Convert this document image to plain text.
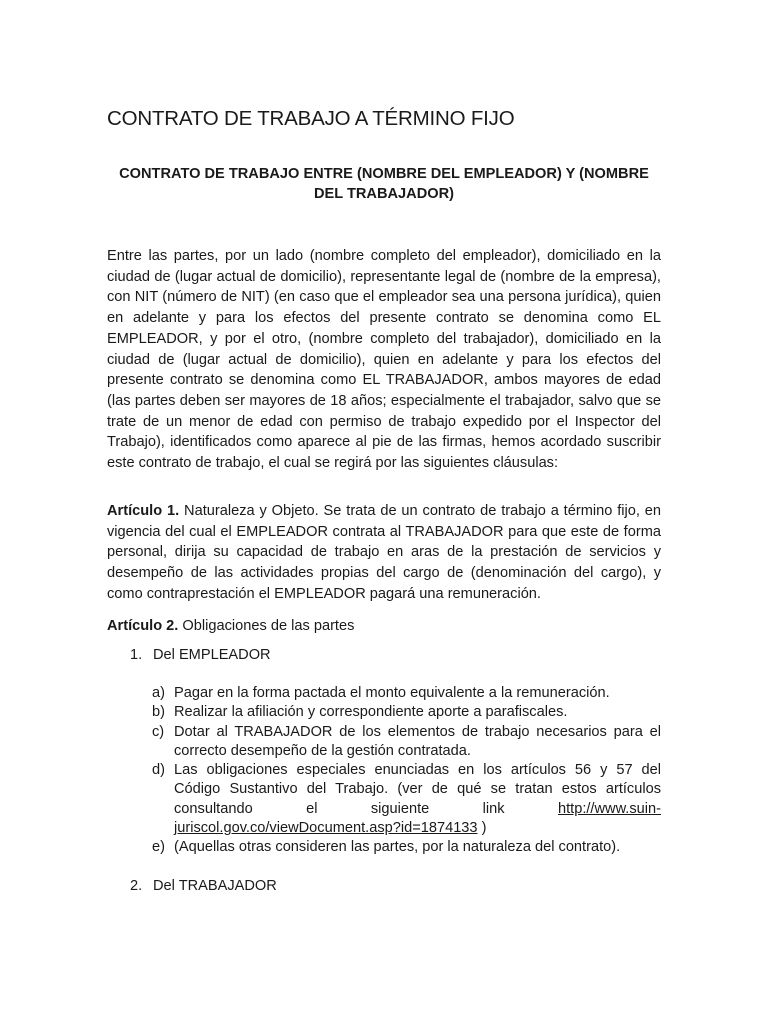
CONTRATO DE TRABAJO A TÉRMINO FIJO
CONTRATO DE TRABAJO ENTRE (NOMBRE DEL EMPLEADOR) Y (NOMBRE DEL TRABAJADOR)

Entre las partes, por un lado (nombre completo del empleador), domiciliado en la ciudad de (lugar actual de domicilio), representante legal de (nombre de la empresa), con NIT (número de NIT) (en caso que el empleador sea una persona jurídica), quien en adelante y para los efectos del presente contrato se denomina como EL EMPLEADOR, y por el otro, (nombre completo del trabajador), domiciliado en la ciudad de (lugar actual de domicilio), quien en adelante y para los efectos del presente contrato se denomina como EL TRABAJADOR, ambos mayores de edad (las partes deben ser mayores de 18 años; especialmente el trabajador, salvo que se trate de un menor de edad con permiso de trabajo expedido por el Inspector del Trabajo), identificados como aparece al pie de las firmas, hemos acordado suscribir este contrato de trabajo, el cual se regirá por las siguientes cláusulas:

Artículo 1. Naturaleza y Objeto. Se trata de un contrato de trabajo a término fijo, en vigencia del cual el EMPLEADOR contrata al TRABAJADOR para que este de forma personal, dirija su capacidad de trabajo en aras de la prestación de servicios y desempeño de las actividades propias del cargo de (denominación del cargo), y como contraprestación el EMPLEADOR pagará una remuneración.

Artículo 2. Obligaciones de las partes
1. Del EMPLEADOR
a) Pagar en la forma pactada el monto equivalente a la remuneración.
b) Realizar la afiliación y correspondiente aporte a parafiscales.
c) Dotar al TRABAJADOR de los elementos de trabajo necesarios para el correcto desempeño de la gestión contratada.
d) Las obligaciones especiales enunciadas en los artículos 56 y 57 del Código Sustantivo del Trabajo. (ver de qué se tratan estos artículos consultando el siguiente link http://www.suin-juriscol.gov.co/viewDocument.asp?id=1874133 )
e) (Aquellas otras consideren las partes, por la naturaleza del contrato).
2. Del TRABAJADOR
